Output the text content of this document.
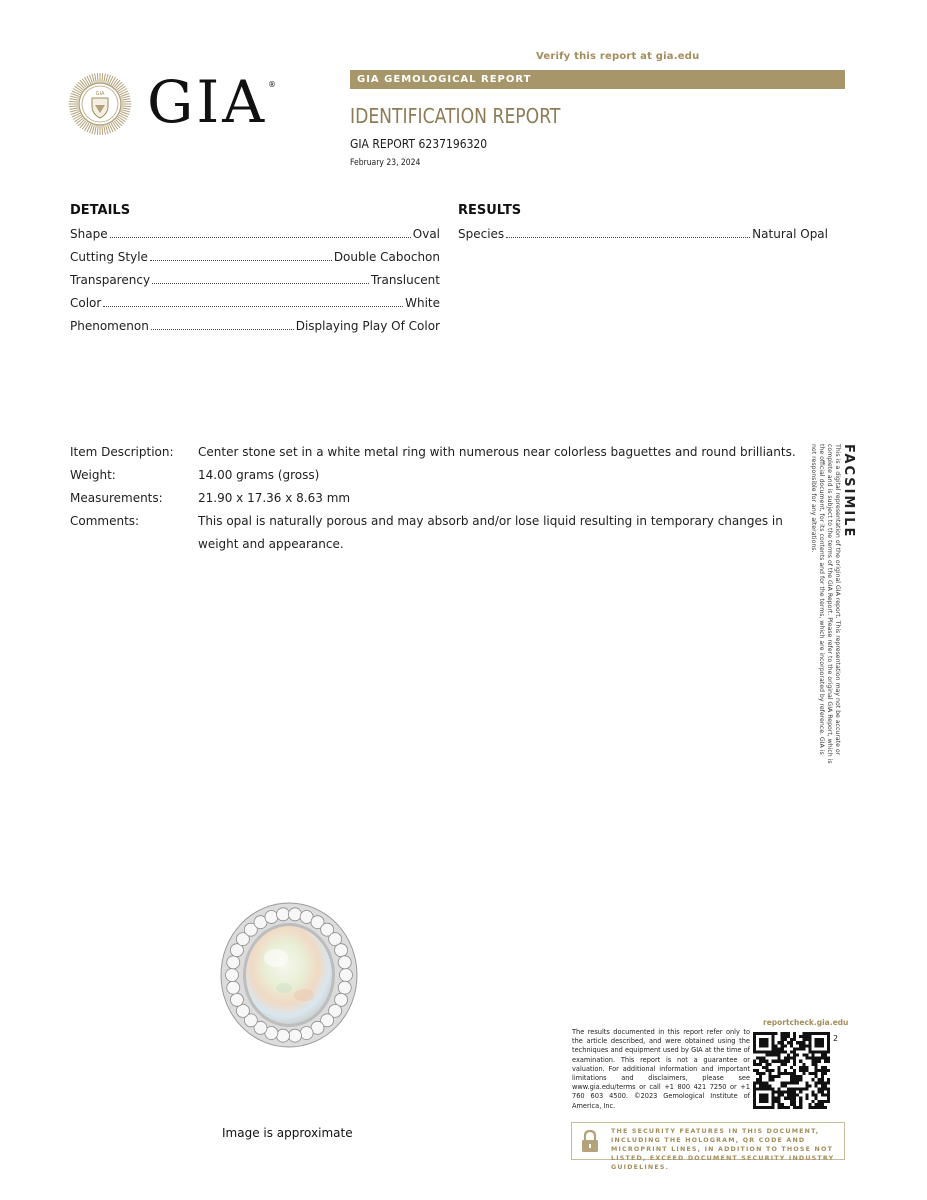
Verify this report at gia.edu
GIA GIA ®	GIA GEMOLOGICAL REPORT
IDENTIFICATION REPORT
GIA REPORT 6237196320
February 23, 2024
DETAILS
Shape	Oval
Cutting Style	Double Cabochon
Transparency	Translucent
Color	White
Phenomenon	Displaying Play Of Color
RESULTS
Species	Natural Opal
Item Description:	Center stone set in a white metal ring with numerous near colorless baguettes and round brilliants.
Weight:	14.00 grams (gross)
Measurements:	21.90 x 17.36 x 8.63 mm
Comments:	This opal is naturally porous and may absorb and/or lose liquid resulting in temporary changes in weight and appearance.
FACSIMILE
This is a digital representation of the original GIA report. This representation may not be accurate or complete and is subject to the terms of the GIA Report. Please refer to the original GIA Report, which is the official document, for its contents and for the terms, which are incorporated by reference. GIA is not responsible for any alterations.
Image is approximate
The results documented in this report refer only to the article described, and were obtained using the techniques and equipment used by GIA at the time of examination. This report is not a guarantee or valuation. For additional information and important limitations and disclaimers, please see www.gia.edu/terms or call +1 800 421 7250 or +1 760 603 4500. ©2023 Gemological Institute of America, Inc.
reportcheck.gia.edu
2
THE SECURITY FEATURES IN THIS DOCUMENT, INCLUDING THE HOLOGRAM, QR CODE AND MICROPRINT LINES, IN ADDITION TO THOSE NOT LISTED, EXCEED DOCUMENT SECURITY INDUSTRY GUIDELINES.
